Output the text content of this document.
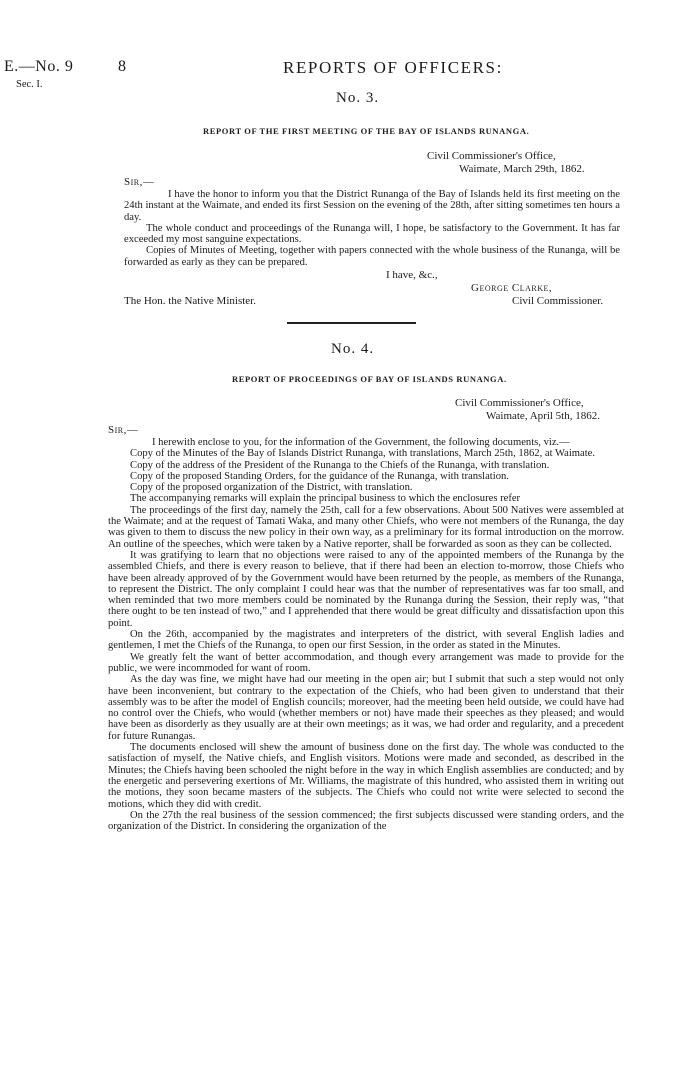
E.—No. 9
Sec. I.
8	REPORTS OF OFFICERS:
No. 3.
REPORT OF THE FIRST MEETING OF THE BAY OF ISLANDS RUNANGA.
Civil Commissioner's Office,
Waimate, March 29th, 1862.
Sir,—

I have the honor to inform you that the District Runanga of the Bay of Islands held its first meeting on the 24th instant at the Waimate, and ended its first Session on the evening of the 28th, after sitting sometimes ten hours a day.

The whole conduct and proceedings of the Runanga will, I hope, be satisfactory to the Government. It has far exceeded my most sanguine expectations.

Copies of Minutes of Meeting, together with papers connected with the whole business of the Runanga, will be forwarded as early as they can be prepared.

I have, &c.,
George Clarke,
The Hon. the Native Minister.	Civil Commissioner.
No. 4.
REPORT OF PROCEEDINGS OF BAY OF ISLANDS RUNANGA.
Civil Commissioner's Office,
Waimate, April 5th, 1862.
Sir,—

I herewith enclose to you, for the information of the Government, the following documents, viz.—

Copy of the Minutes of the Bay of Islands District Runanga, with translations, March 25th, 1862, at Waimate.

Copy of the address of the President of the Runanga to the Chiefs of the Runanga, with translation.

Copy of the proposed Standing Orders, for the guidance of the Runanga, with translation.

Copy of the proposed organization of the District, with translation.

The accompanying remarks will explain the principal business to which the enclosures refer

The proceedings of the first day, namely the 25th, call for a few observations. About 500 Natives were assembled at the Waimate; and at the request of Tamati Waka, and many other Chiefs, who were not members of the Runanga, the day was given to them to discuss the new policy in their own way, as a preliminary for its formal introduction on the morrow. An outline of the speeches, which were taken by a Native reporter, shall be forwarded as soon as they can be collected.

It was gratifying to learn that no objections were raised to any of the appointed members of the Runanga by the assembled Chiefs, and there is every reason to believe, that if there had been an election to-morrow, those Chiefs who have been already approved of by the Government would have been returned by the people, as members of the Runanga, to represent the District. The only complaint I could hear was that the number of representatives was far too small, and when reminded that two more members could be nominated by the Runanga during the Session, their reply was, “that there ought to be ten instead of two,” and I apprehended that there would be great difficulty and dissatisfaction upon this point.

On the 26th, accompanied by the magistrates and interpreters of the district, with several English ladies and gentlemen, I met the Chiefs of the Runanga, to open our first Session, in the order as stated in the Minutes.

We greatly felt the want of better accommodation, and though every arrangement was made to provide for the public, we were incommoded for want of room.

As the day was fine, we might have had our meeting in the open air; but I submit that such a step would not only have been inconvenient, but contrary to the expectation of the Chiefs, who had been given to understand that their assembly was to be after the model of English councils; moreover, had the meeting been held outside, we could have had no control over the Chiefs, who would (whether members or not) have made their speeches as they pleased; and would have been as disorderly as they usually are at their own meetings; as it was, we had order and regularity, and a precedent for future Runangas.

The documents enclosed will shew the amount of business done on the first day. The whole was conducted to the satisfaction of myself, the Native chiefs, and English visitors. Motions were made and seconded, as described in the Minutes; the Chiefs having been schooled the night before in the way in which English assemblies are conducted; and by the energetic and persevering exertions of Mr. Williams, the magistrate of this hundred, who assisted them in writing out the motions, they soon became masters of the subjects. The Chiefs who could not write were selected to second the motions, which they did with credit.

On the 27th the real business of the session commenced; the first subjects discussed were standing orders, and the organization of the District. In considering the organization of the
